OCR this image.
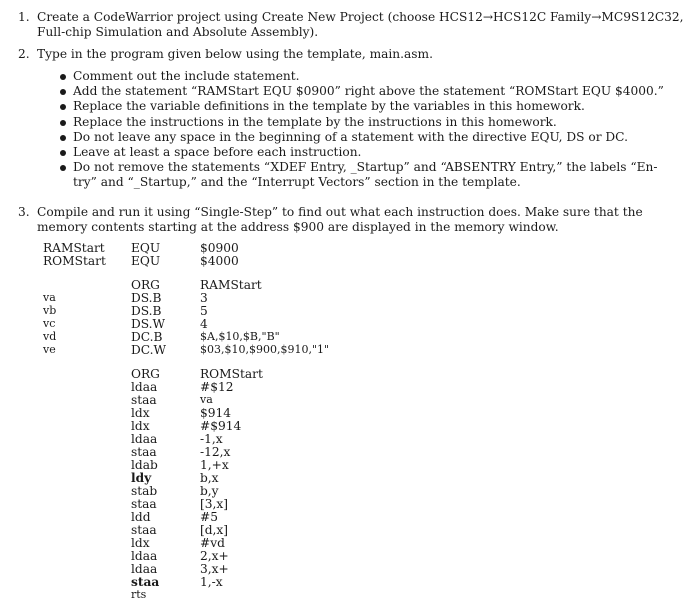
1. Create a CodeWarrior project using Create New Project (choose HCS12→HCS12C Family→MC9S12C32,
Full-chip Simulation and Absolute Assembly).
2. Type in the program given below using the template, main.asm.
Comment out the include statement.
Add the statement “RAMStart EQU $0900” right above the statement “ROMStart EQU $4000.”
Replace the variable definitions in the template by the variables in this homework.
Replace the instructions in the template by the instructions in this homework.
Do not leave any space in the beginning of a statement with the directive EQU, DS or DC.
Leave at least a space before each instruction.
Do not remove the statements “XDEF Entry, _Startup” and “ABSENTRY Entry,” the labels “En-
try” and “_Startup,” and the “Interrupt Vectors” section in the template.
3. Compile and run it using “Single-Step” to find out what each instruction does. Make sure that the
memory contents starting at the address $900 are displayed in the memory window.
RAMStart EQU	$0900
ROMStart EQU	$4000
ORG	RAMStart
va	DS.B	3
vb	DS.B	5
vc	DS.W	4
vd	DC.B	$A,$10,$B,"B"
ve	DC.W	$03,$10,$900,$910,"1"
ORG	ROMStart
ldaa	#$12
staa	va
ldx	$914
ldx	#$914
ldaa	-1,x
staa	-12,x
ldab	1,+x
ldy	b,x
stab	b,y
staa	[3,x]
ldd	#5
staa	[d,x]
ldx	#vd
ldaa	2,x+
ldaa	3,x+
staa	1,-x
rts
